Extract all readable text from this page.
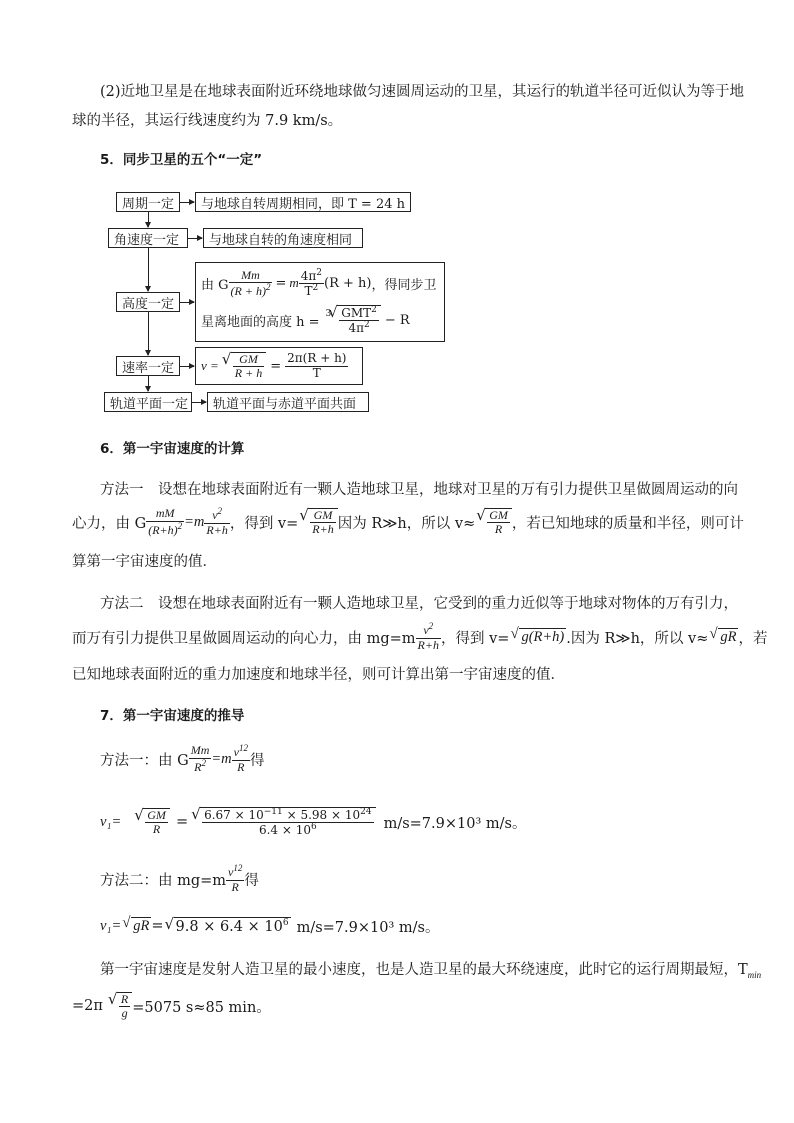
(2)近地卫星是在地球表面附近环绕地球做匀速圆周运动的卫星，其运行的轨道半径可近似认为等于地
球的半径，其运行线速度约为 7.9 km/s。
5．同步卫星的五个“一定”
周期一定
角速度一定
高度一定
速率一定
轨道平面一定
与地球自转周期相同，即 T = 24 h
与地球自转的角速度相同
由 G $\frac{Mm}{(R + h)^2} = m \frac{4\pi^2}{T^2} (R + h)$ ，得同步卫
星离地面的高度 h =
3 √ $\frac{GMT^2}{4\pi^2} - R$
v = √ $\frac{GM}{R + h} = \frac{2\pi(R + h)}{T}$
轨道平面与赤道平面共面
6．第一宇宙速度的计算
方法一　设想在地球表面附近有一颗人造地球卫星，地球对卫星的万有引力提供卫星做圆周运动的向
心力，由 G $\frac{mM}{(R+h)^2} =m \frac{v^2}{R+h}$ ，得到 v= √ $\frac{GM}{R+h}$ 因为 R≫h，所以 v≈ √ $\frac{GM}{R}$ ，若已知地球的质量和半径，则可计
算第一宇宙速度的值．
方法二　设想在地球表面附近有一颗人造地球卫星，它受到的重力近似等于地球对物体的万有引力，
而万有引力提供卫星做圆周运动的向心力，由 $mg=m \frac{v^2}{R+h}$ ，得到 v= √ g(R+h) .因为 R≫h，所以 v≈ √ gR ，若
已知地球表面附近的重力加速度和地球半径，则可计算出第一宇宙速度的值．
7．第一宇宙速度的推导
方法一：由 G $\frac{Mm}{R^2} =m \frac{v^{12}}{R}$ 得
v₁= √ $\frac{GM}{R}$ = √ $\frac{6.67 \times 10^{-11} \times 5.98 \times 10^{24}}{6.4 \times 10^6} m/s=7.9\times 10^3$ m/s。
方法二：由 $mg=m \frac{v^{12}}{R}$ 得
v₁= √ gR = √ $9.8 \times 6.4 \times 10^6$ m/s=7.9×10³ m/s。
第一宇宙速度是发射人造卫星的最小速度，也是人造卫星的最大环绕速度，此时它的运行周期最短，$T_{min}$
=2π √ $\frac{R}{g} =5075$ s≈85 min。
